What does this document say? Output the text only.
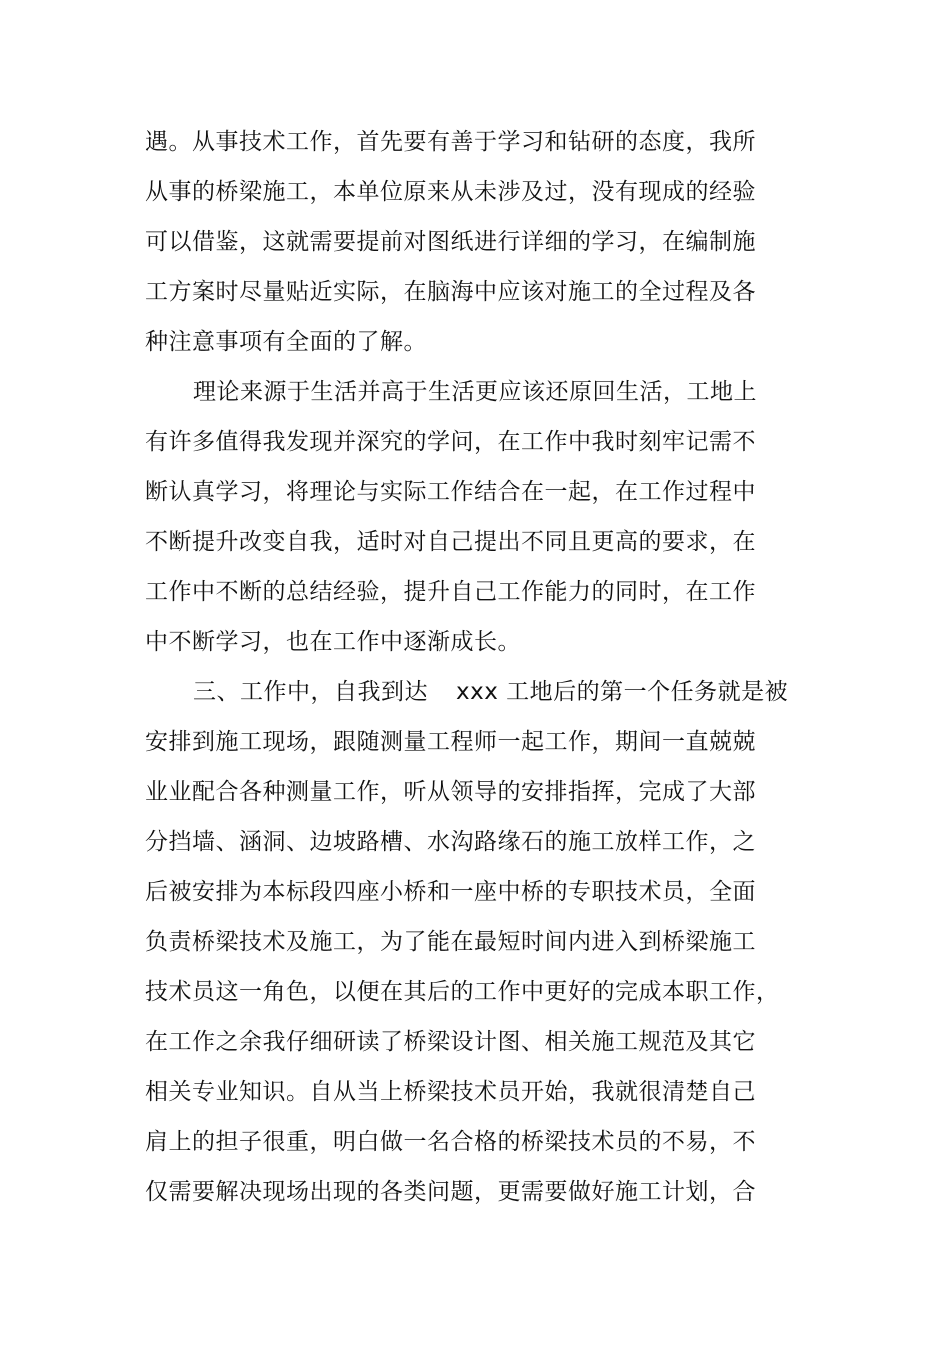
遇。从事技术工作，首先要有善于学习和钻研的态度，我所
从事的桥梁施工，本单位原来从未涉及过，没有现成的经验
可以借鉴，这就需要提前对图纸进行详细的学习，在编制施
工方案时尽量贴近实际，在脑海中应该对施工的全过程及各
种注意事项有全面的了解。
理论来源于生活并高于生活更应该还原回生活，工地上
有许多值得我发现并深究的学问，在工作中我时刻牢记需不
断认真学习，将理论与实际工作结合在一起，在工作过程中
不断提升改变自我，适时对自己提出不同且更高的要求，在
工作中不断的总结经验，提升自己工作能力的同时，在工作
中不断学习，也在工作中逐渐成长。
三、工作中，自我到达 xxx 工地后的第一个任务就是被
安排到施工现场，跟随测量工程师一起工作，期间一直兢兢
业业配合各种测量工作，听从领导的安排指挥，完成了大部
分挡墙、涵洞、边坡路槽、水沟路缘石的施工放样工作，之
后被安排为本标段四座小桥和一座中桥的专职技术员，全面
负责桥梁技术及施工，为了能在最短时间内进入到桥梁施工
技术员这一角色，以便在其后的工作中更好的完成本职工作，
在工作之余我仔细研读了桥梁设计图、相关施工规范及其它
相关专业知识。自从当上桥梁技术员开始，我就很清楚自己
肩上的担子很重，明白做一名合格的桥梁技术员的不易，不
仅需要解决现场出现的各类问题，更需要做好施工计划，合
